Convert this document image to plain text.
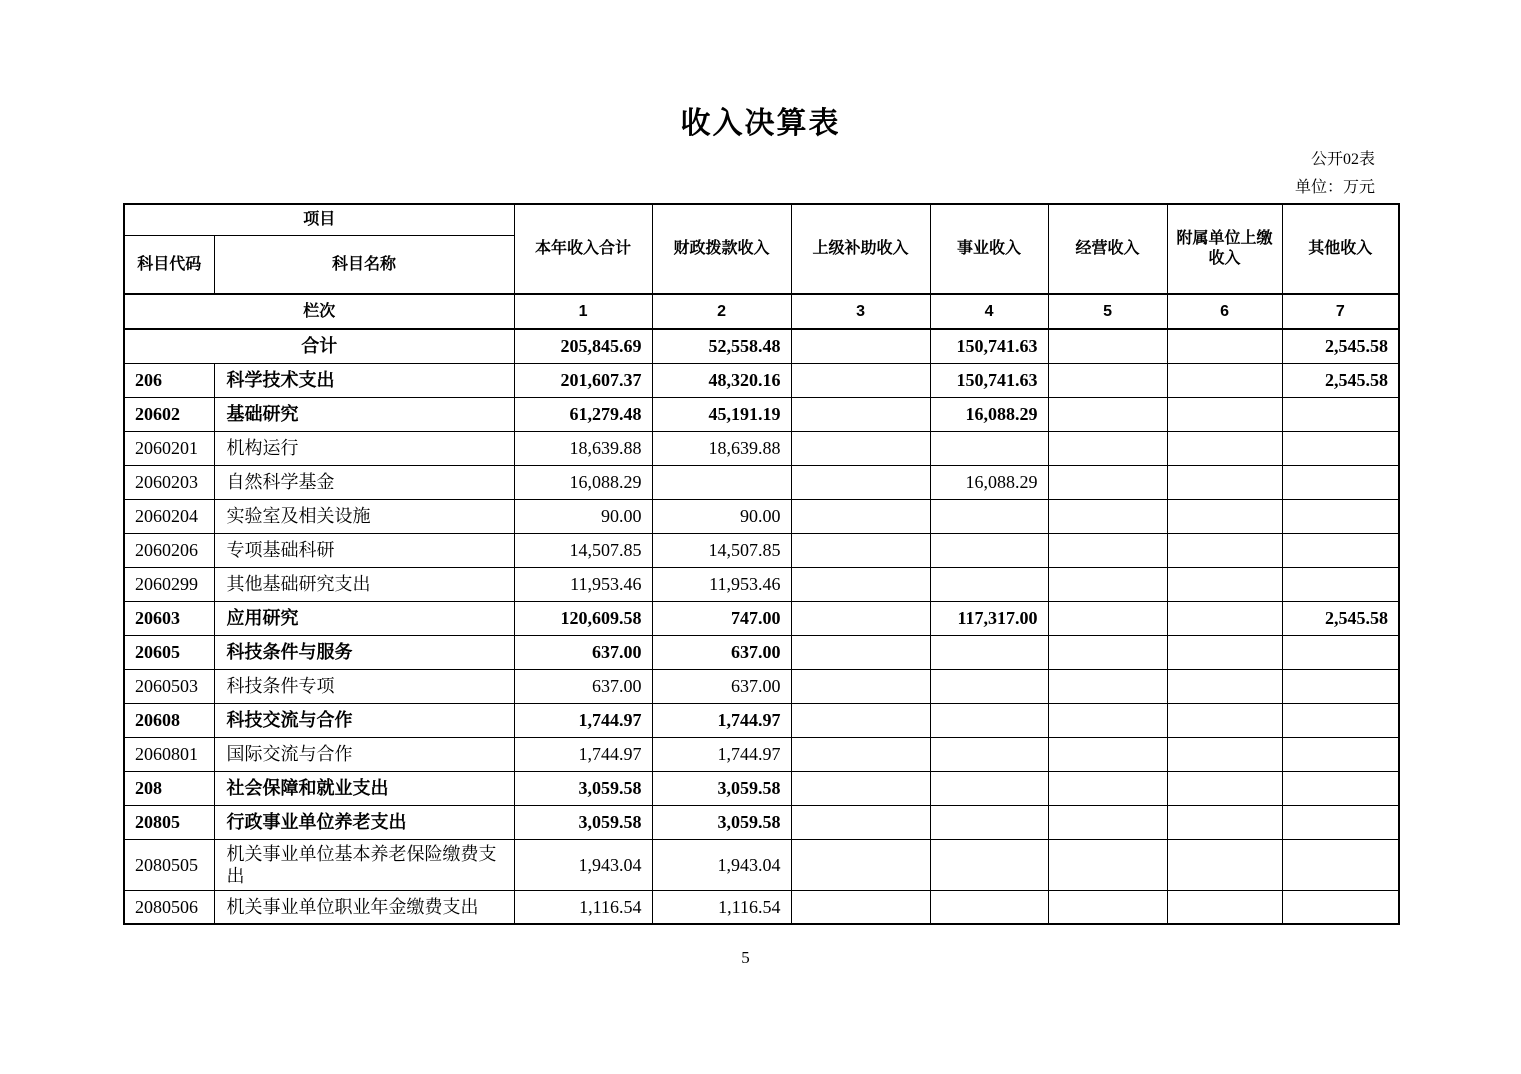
收入决算表
公开02表
单位：万元
项目		本年收入合计	财政拨款收入	上级补助收入	事业收入	经营收入	附属单位上缴收入	其他收入
科目代码	科目名称							
栏次		1	2	3	4	5	6	7
合计		205,845.69	52,558.48		150,741.63			2,545.58
206	科学技术支出	201,607.37	48,320.16		150,741.63			2,545.58
20602	基础研究	61,279.48	45,191.19		16,088.29			
2060201	机构运行	18,639.88	18,639.88					
2060203	自然科学基金	16,088.29			16,088.29			
2060204	实验室及相关设施	90.00	90.00					
2060206	专项基础科研	14,507.85	14,507.85					
2060299	其他基础研究支出	11,953.46	11,953.46					
20603	应用研究	120,609.58	747.00		117,317.00			2,545.58
20605	科技条件与服务	637.00	637.00					
2060503	科技条件专项	637.00	637.00					
20608	科技交流与合作	1,744.97	1,744.97					
2060801	国际交流与合作	1,744.97	1,744.97					
208	社会保障和就业支出	3,059.58	3,059.58					
20805	行政事业单位养老支出	3,059.58	3,059.58					
2080505	机关事业单位基本养老保险缴费支出	1,943.04	1,943.04					
2080506	机关事业单位职业年金缴费支出	1,116.54	1,116.54					
5
